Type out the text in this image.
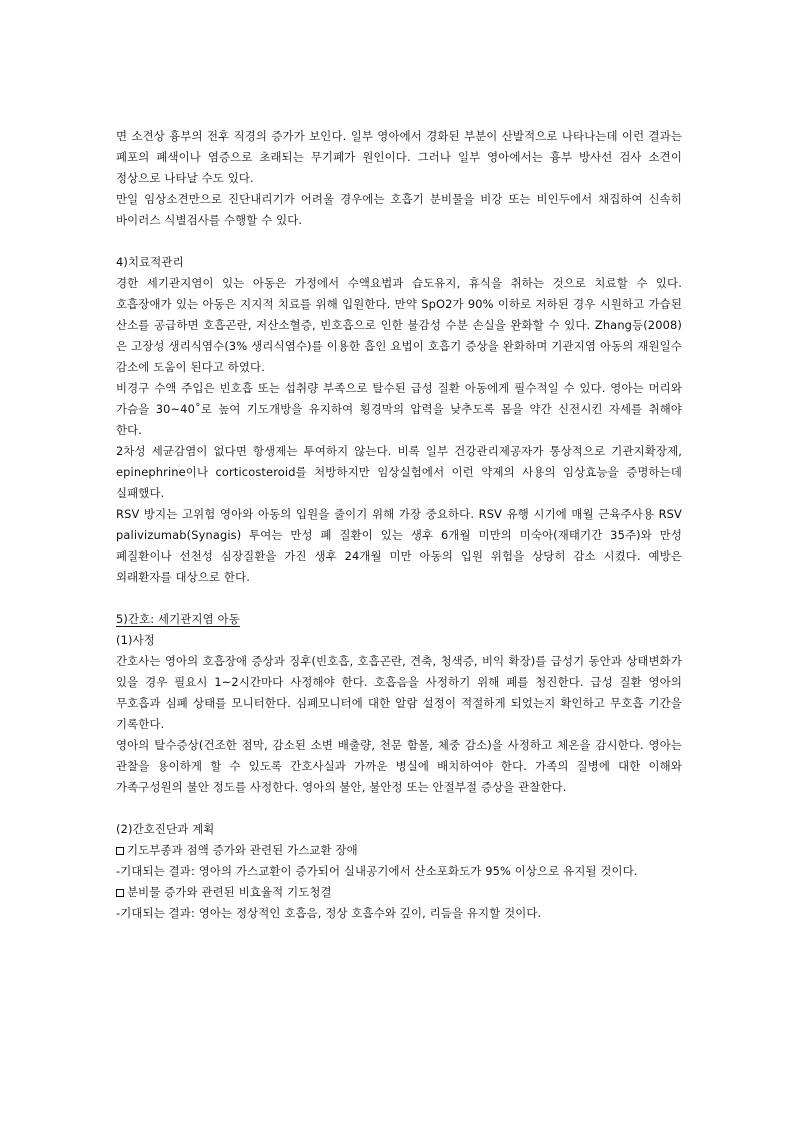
면 소견상 흉부의 전후 직경의 증가가 보인다. 일부 영아에서 경화된 부분이 산발적으로 나타나는데 이런 결과는 폐포의 폐색이나 염증으로 초래되는 무기폐가 원인이다. 그러나 일부 영아에서는 흉부 방사선 검사 소견이 정상으로 나타날 수도 있다.

만일 임상소견만으로 진단내리기가 어려울 경우에는 호흡기 분비물을 비강 또는 비인두에서 채집하여 신속히 바이러스 식별검사를 수행할 수 있다.

4)치료적관리

경한 세기관지염이 있는 아동은 가정에서 수액요법과 습도유지, 휴식을 취하는 것으로 치료할 수 있다. 호흡장애가 있는 아동은 지지적 치료를 위해 입원한다. 만약 SpO2가 90% 이하로 저하된 경우 시원하고 가습된 산소를 공급하면 호흡곤란, 저산소혈증, 빈호흡으로 인한 불감성 수분 손실을 완화할 수 있다. Zhang등(2008)은 고장성 생리식염수(3% 생리식염수)를 이용한 흡인 요법이 호흡기 증상을 완화하며 기관지염 아동의 재원일수 감소에 도움이 된다고 하였다.

비경구 수액 주입은 빈호흡 또는 섭취량 부족으로 탈수된 급성 질환 아동에게 필수적일 수 있다. 영아는 머리와 가슴을 30~40˚로 높여 기도개방을 유지하여 횡경막의 압력을 낮추도록 몸을 약간 신전시킨 자세를 취해야 한다.

2차성 세균감염이 없다면 항생제는 투여하지 않는다. 비록 일부 건강관리제공자가 통상적으로 기관지확장제, epinephrine이나 corticosteroid를 처방하지만 임상실험에서 이런 약제의 사용의 임상효능을 증명하는데 실패했다.

RSV 방지는 고위험 영아와 아동의 입원을 줄이기 위해 가장 중요하다. RSV 유행 시기에 매월 근육주사용 RSV palivizumab(Synagis) 투여는 만성 폐 질환이 있는 생후 6개월 미만의 미숙아(재태기간 35주)와 만성 폐질환이나 선천성 심장질환을 가진 생후 24개월 미만 아동의 입원 위험을 상당히 감소 시켰다. 예방은 외래환자를 대상으로 한다.

5)간호: 세기관지염 아동

(1)사정

간호사는 영아의 호흡장애 증상과 징후(빈호흡, 호흡곤란, 견축, 청색증, 비익 확장)를 급성기 동안과 상태변화가 있을 경우 필요시 1~2시간마다 사정해야 한다. 호흡음을 사정하기 위해 폐를 청진한다. 급성 질환 영아의 무호흡과 심폐 상태를 모니터한다. 심폐모니터에 대한 알람 설정이 적절하게 되었는지 확인하고 무호흡 기간을 기록한다.

영아의 탈수증상(건조한 점막, 감소된 소변 배출량, 천문 함몰, 체중 감소)을 사정하고 체온을 감시한다. 영아는 관찰을 용이하게 할 수 있도록 간호사실과 가까운 병실에 배치하여야 한다. 가족의 질병에 대한 이해와 가족구성원의 불안 정도를 사정한다. 영아의 불안, 불안정 또는 안절부절 증상을 관찰한다.

(2)간호진단과 계획

기도부종과 점액 증가와 관련된 가스교환 장애

-기대되는 결과: 영아의 가스교환이 증가되어 실내공기에서 산소포화도가 95% 이상으로 유지될 것이다.

분비물 증가와 관련된 비효율적 기도청결

-기대되는 결과: 영아는 정상적인 호흡음, 정상 호흡수와 깊이, 리듬을 유지할 것이다.
